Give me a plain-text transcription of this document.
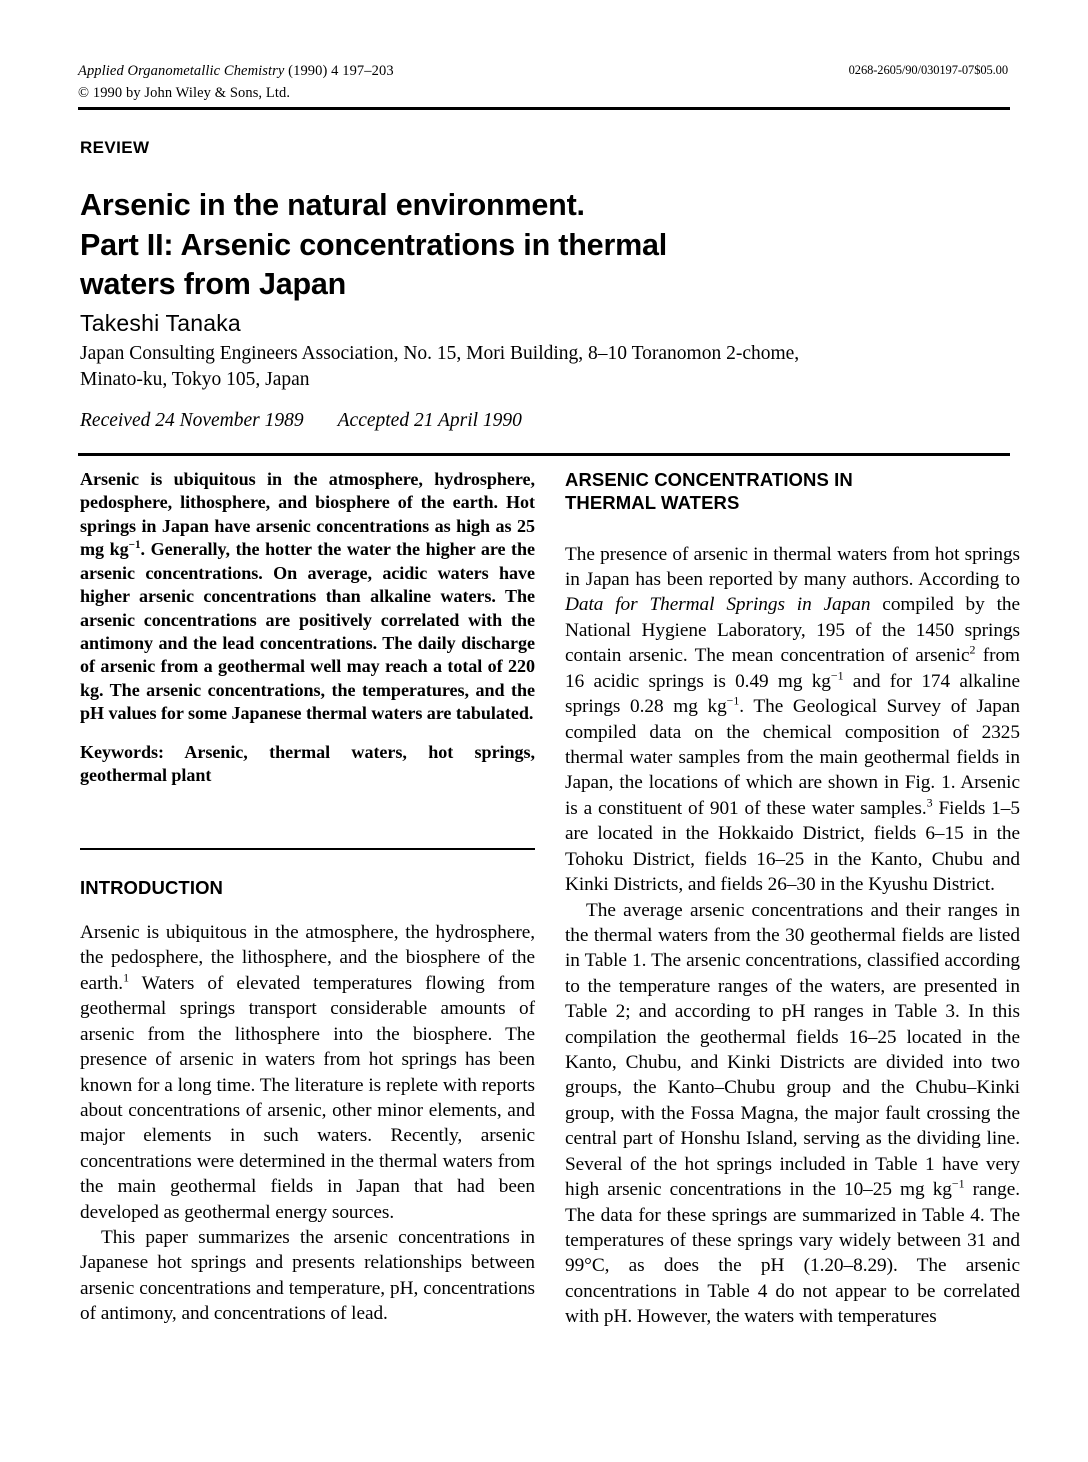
Applied Organometallic Chemistry (1990) 4 197–203
© 1990 by John Wiley & Sons, Ltd.
0268-2605/90/030197-07$05.00
REVIEW
Arsenic in the natural environment.
Part II: Arsenic concentrations in thermal
waters from Japan
Takeshi Tanaka
Japan Consulting Engineers Association, No. 15, Mori Building, 8–10 Toranomon 2-chome,
Minato-ku, Tokyo 105, Japan
Received 24 November 1989 Accepted 21 April 1990

Arsenic is ubiquitous in the atmosphere, hydrosphere, pedosphere, lithosphere, and biosphere of the earth. Hot springs in Japan have arsenic concentrations as high as 25 mg $kg^{-1}$. Generally, the hotter the water the higher are the arsenic concentrations. On average, acidic waters have higher arsenic concentrations than alkaline waters. The arsenic concentrations are positively correlated with the antimony and the lead concentrations. The daily discharge of arsenic from a geothermal well may reach a total of 220 kg. The arsenic concentrations, the temperatures, and the pH values for some Japanese thermal waters are tabulated.

Keywords: Arsenic, thermal waters, hot springs, geothermal plant

INTRODUCTION

Arsenic is ubiquitous in the atmosphere, the hydrosphere, the pedosphere, the lithosphere, and the biosphere of the earth.$^1$ Waters of elevated temperatures flowing from geothermal springs transport considerable amounts of arsenic from the lithosphere into the biosphere. The presence of arsenic in waters from hot springs has been known for a long time. The literature is replete with reports about concentrations of arsenic, other minor elements, and major elements in such waters. Recently, arsenic concentrations were determined in the thermal waters from the main geothermal fields in Japan that had been developed as geothermal energy sources.

This paper summarizes the arsenic concentrations in Japanese hot springs and presents relationships between arsenic concentrations and temperature, pH, concentrations of antimony, and concentrations of lead.

ARSENIC CONCENTRATIONS IN
THERMAL WATERS

The presence of arsenic in thermal waters from hot springs in Japan has been reported by many authors. According to Data for Thermal Springs in Japan compiled by the National Hygiene Laboratory, 195 of the 1450 springs contain arsenic. The mean concentration of arsenic$^2$ from 16 acidic springs is 0.49 mg $kg^{-1}$ and for 174 alkaline springs 0.28 mg $kg^{-1}$. The Geological Survey of Japan compiled data on the chemical composition of 2325 thermal water samples from the main geothermal fields in Japan, the locations of which are shown in Fig. 1. Arsenic is a constituent of 901 of these water samples.$^3$ Fields 1–5 are located in the Hokkaido District, fields 6–15 in the Tohoku District, fields 16–25 in the Kanto, Chubu and Kinki Districts, and fields 26–30 in the Kyushu District.

The average arsenic concentrations and their ranges in the thermal waters from the 30 geothermal fields are listed in Table 1. The arsenic concentrations, classified according to the temperature ranges of the waters, are presented in Table 2; and according to pH ranges in Table 3. In this compilation the geothermal fields 16–25 located in the Kanto, Chubu, and Kinki Districts are divided into two groups, the Kanto–Chubu group and the Chubu–Kinki group, with the Fossa Magna, the major fault crossing the central part of Honshu Island, serving as the dividing line. Several of the hot springs included in Table 1 have very high arsenic concentrations in the 10–25 mg $kg^{-1}$ range. The data for these springs are summarized in Table 4. The temperatures of these springs vary widely between 31 and 99°C, as does the pH (1.20–8.29). The arsenic concentrations in Table 4 do not appear to be correlated with pH. However, the waters with temperatures
